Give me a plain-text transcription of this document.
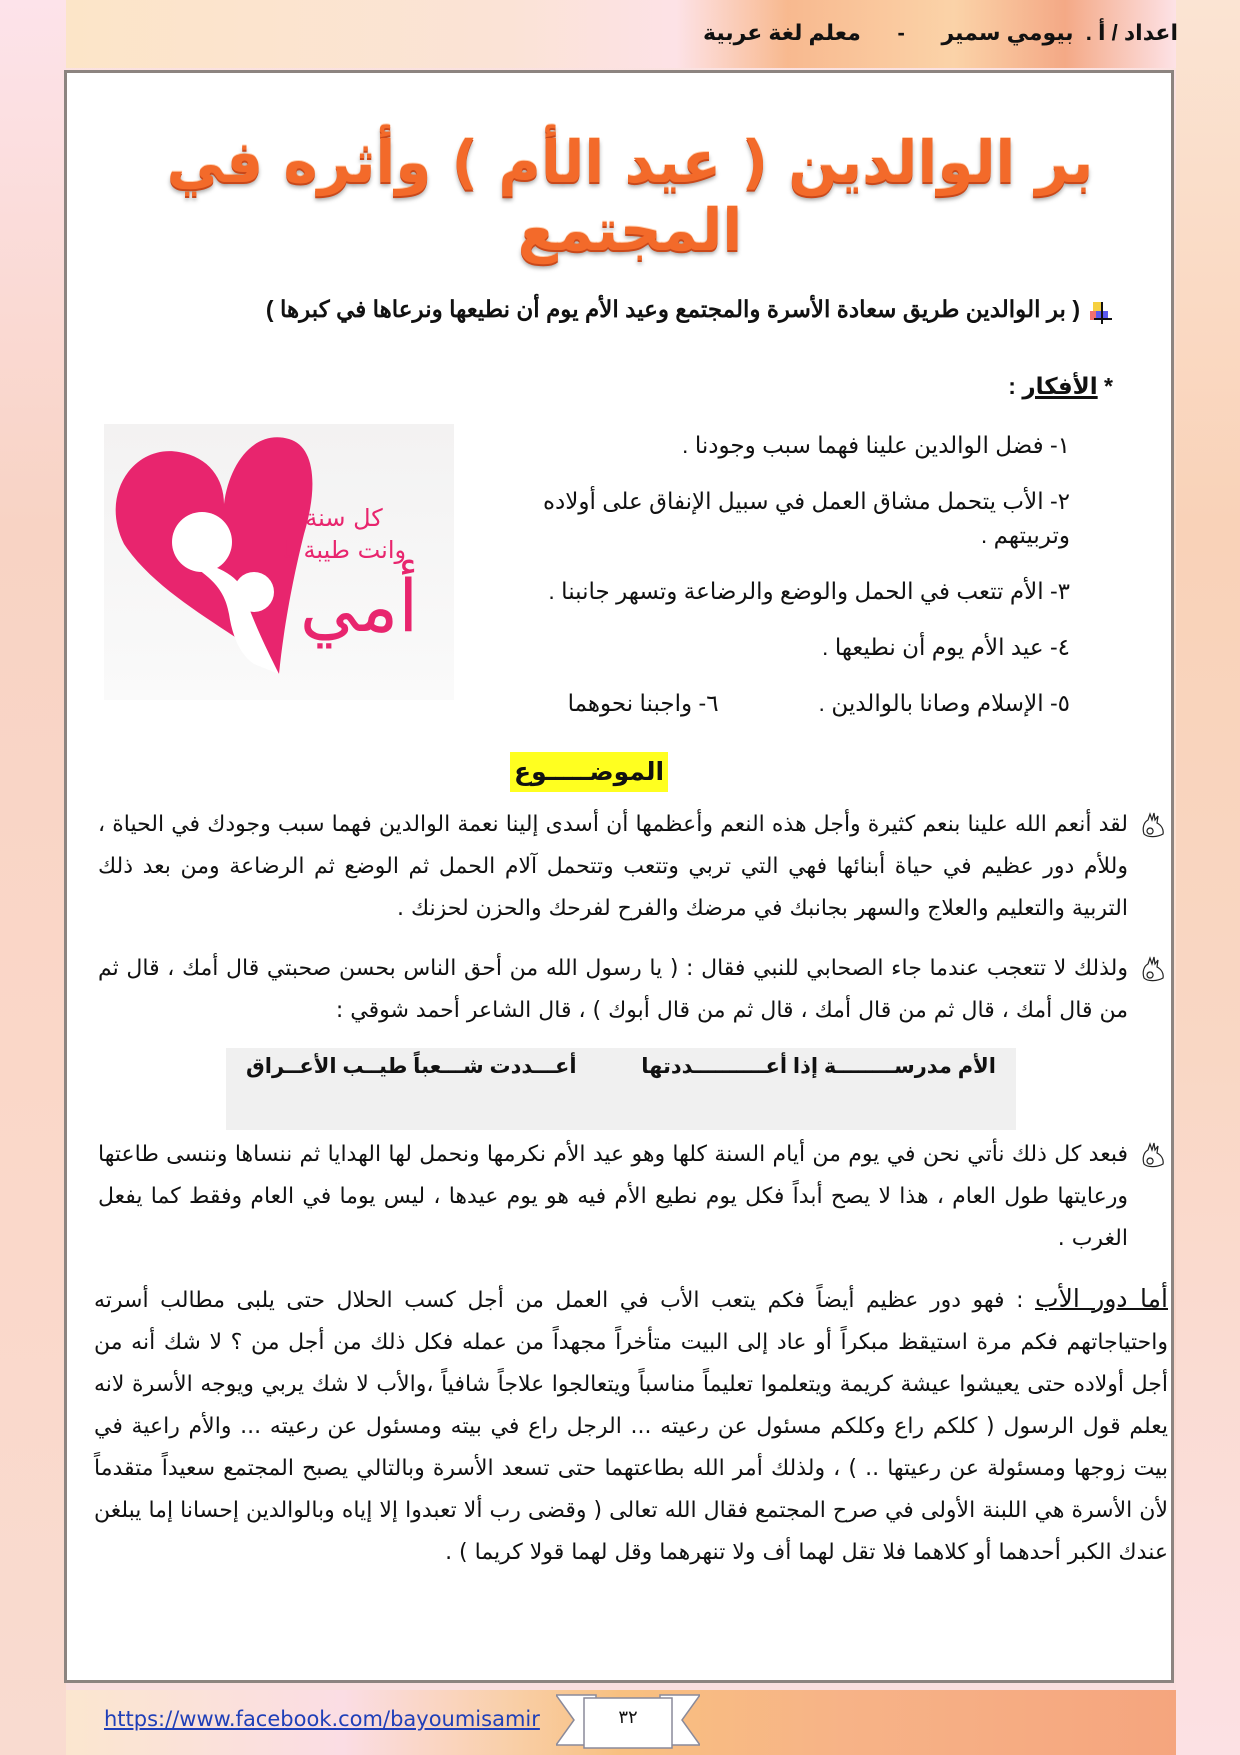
اعداد / أ .  بيومي سمير      -      معلم لغة عربية
بر الوالدين ( عيد الأم ) وأثره في المجتمع
( بر الوالدين طريق سعادة الأسرة والمجتمع وعيد الأم يوم أن نطيعها ونرعاها في كبرها )
* الأفكار :
١- فضل الوالدين علينا فهما سبب وجودنا .
٢- الأب يتحمل مشاق العمل في سبيل الإنفاق على أولاده وتربيتهم .
٣- الأم تتعب في الحمل والوضع والرضاعة وتسهر جانبنا .
٤- عيد الأم يوم أن نطيعها .
٥- الإسلام وصانا بالوالدين .
٦- واجبنا نحوهما
كل سنة
وانت طيبة يا
أمي
الموضـــــوع
لقد أنعم الله علينا بنعم كثيرة وأجل هذه النعم وأعظمها أن أسدى إلينا نعمة الوالدين فهما سبب وجودك في الحياة ، وللأم دور عظيم في حياة أبنائها فهي التي تربي وتتعب وتتحمل آلام الحمل ثم الوضع ثم الرضاعة ومن بعد ذلك التربية والتعليم والعلاج والسهر بجانبك في مرضك والفرح لفرحك والحزن لحزنك .
ولذلك لا تتعجب عندما جاء الصحابي للنبي فقال : ( يا رسول الله من أحق الناس بحسن صحبتي قال أمك ، قال ثم من قال أمك ، قال ثم من قال أمك ، قال ثم من قال أبوك ) ، قال الشاعر أحمد شوقي :
الأم مدرســــــــة إذا أعــــــــــددتها
أعـــددت شـــعباً طيــب الأعــراق
فبعد كل ذلك نأتي نحن في يوم من أيام السنة كلها وهو عيد الأم نكرمها ونحمل لها الهدايا ثم ننساها وننسى طاعتها ورعايتها طول العام ، هذا لا يصح أبداً فكل يوم نطيع الأم فيه هو يوم عيدها ، ليس يوما في العام وفقط كما يفعل الغرب .
أما دور الأب : فهو دور عظيم أيضاً فكم يتعب الأب في العمل من أجل كسب الحلال حتى يلبى مطالب أسرته واحتياجاتهم فكم مرة استيقظ مبكراً أو عاد إلى البيت متأخراً مجهداً من عمله فكل ذلك من أجل من ؟ لا شك أنه من أجل أولاده حتى يعيشوا عيشة كريمة ويتعلموا تعليماً مناسباً ويتعالجوا علاجاً شافياً ،والأب لا شك يربي ويوجه الأسرة لانه يعلم قول الرسول ( كلكم راع وكلكم مسئول عن رعيته ... الرجل راع في بيته ومسئول عن رعيته ... والأم راعية في بيت زوجها ومسئولة عن رعيتها .. ) ، ولذلك أمر الله بطاعتهما حتى تسعد الأسرة وبالتالي يصبح المجتمع سعيداً متقدماً لأن الأسرة هي اللبنة الأولى في صرح المجتمع فقال الله تعالى ( وقضى رب ألا تعبدوا إلا إياه وبالوالدين إحسانا إما يبلغن عندك الكبر أحدهما أو كلاهما فلا تقل لهما أف ولا تنهرهما وقل لهما قولا كريما ) .
https://www.facebook.com/bayoumisamir	٣٢
